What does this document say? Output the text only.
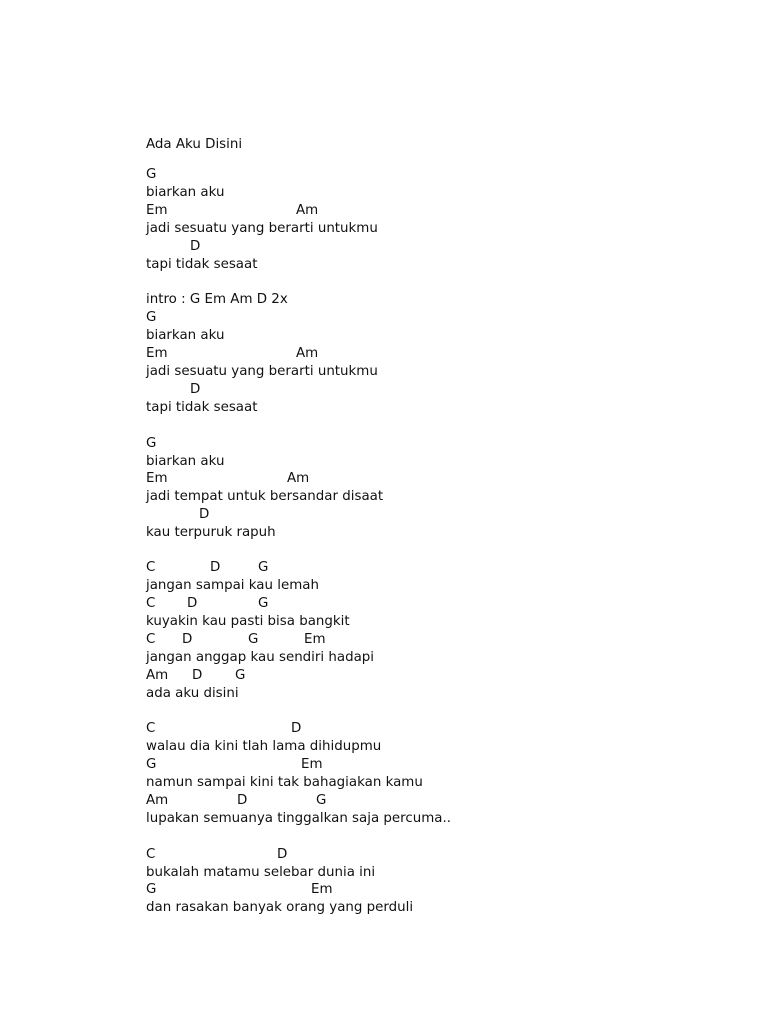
Ada Aku Disini
G
biarkan aku
Em	Am
jadi sesuatu yang berarti untukmu
D
tapi tidak sesaat
intro : G Em Am D 2x
G
biarkan aku
Em	Am
jadi sesuatu yang berarti untukmu
D
tapi tidak sesaat
G
biarkan aku
Em	Am
jadi tempat untuk bersandar disaat
D
kau terpuruk rapuh
C	D	G
jangan sampai kau lemah
C D	G
kuyakin kau pasti bisa bangkit
C D	G	Em
jangan anggap kau sendiri hadapi
Am D G
ada aku disini
C	D
walau dia kini tlah lama dihidupmu
G	Em
namun sampai kini tak bahagiakan kamu
Am	D	G
lupakan semuanya tinggalkan saja percuma..
C	D
bukalah matamu selebar dunia ini
G	Em
dan rasakan banyak orang yang perduli
